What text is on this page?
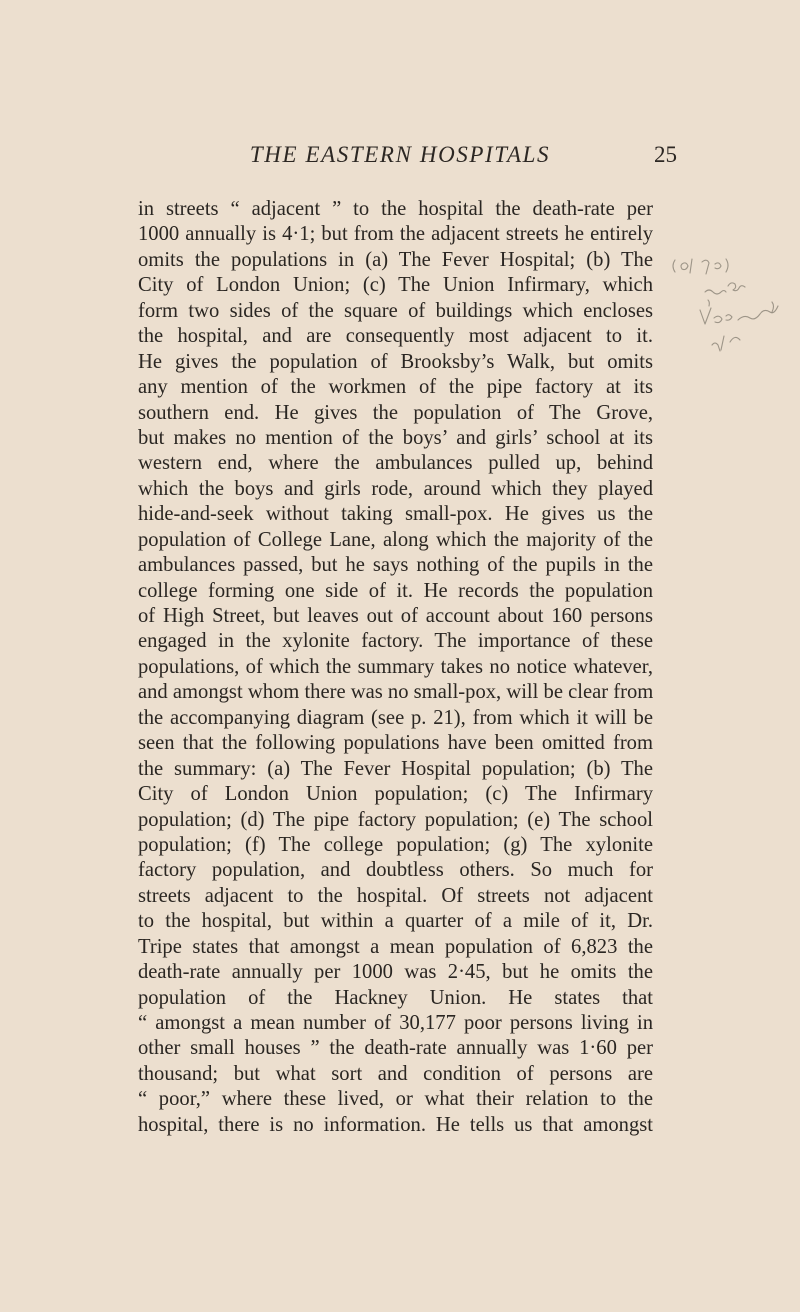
THE EASTERN HOSPITALS	25
in streets “ adjacent ” to the hospital the death-rate per
1000 annually is 4·1; but from the adjacent streets he entirely
omits the populations in (a) The Fever Hospital; (b) The
City of London Union; (c) The Union Infirmary, which
form two sides of the square of buildings which encloses
the hospital, and are consequently most adjacent to it.
He gives the population of Brooksby’s Walk, but omits
any mention of the workmen of the pipe factory at its
southern end. He gives the population of The Grove,
but makes no mention of the boys’ and girls’ school at its
western end, where the ambulances pulled up, behind
which the boys and girls rode, around which they played
hide-and-seek without taking small-pox. He gives us the
population of College Lane, along which the majority of the
ambulances passed, but he says nothing of the pupils in the
college forming one side of it. He records the population
of High Street, but leaves out of account about 160 persons
engaged in the xylonite factory. The importance of these
populations, of which the summary takes no notice whatever,
and amongst whom there was no small-pox, will be clear from
the accompanying diagram (see p. 21), from which it will be
seen that the following populations have been omitted from
the summary: (a) The Fever Hospital population; (b) The
City of London Union population; (c) The Infirmary
population; (d) The pipe factory population; (e) The school
population; (f) The college population; (g) The xylonite
factory population, and doubtless others. So much for
streets adjacent to the hospital. Of streets not adjacent
to the hospital, but within a quarter of a mile of it, Dr.
Tripe states that amongst a mean population of 6,823 the
death-rate annually per 1000 was 2·45, but he omits the
population of the Hackney Union. He states that
“ amongst a mean number of 30,177 poor persons living in
other small houses ” the death-rate annually was 1·60 per
thousand; but what sort and condition of persons are
“ poor,” where these lived, or what their relation to the
hospital, there is no information. He tells us that amongst
